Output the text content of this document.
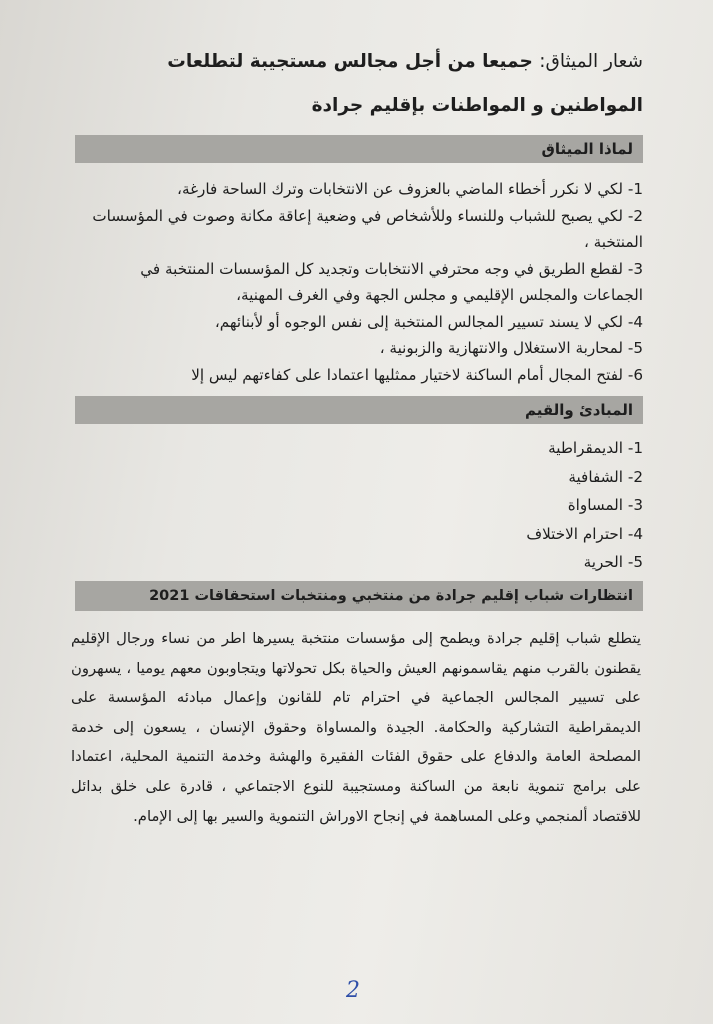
شعار الميثاق: جميعا من أجل مجالس مستجيبة لتطلعات المواطنين و المواطنات بإقليم جرادة
لماذا الميثاق
1- لكي لا نكرر أخطاء الماضي بالعزوف عن الانتخابات وترك الساحة فارغة،
2- لكي يصبح للشباب وللنساء وللأشخاص في وضعية إعاقة مكانة وصوت في المؤسسات المنتخبة ،
3- لقطع الطريق في وجه محترفي الانتخابات وتجديد كل المؤسسات المنتخبة في الجماعات والمجلس الإقليمي و مجلس الجهة وفي الغرف المهنية،
4- لكي لا يسند تسيير المجالس المنتخبة إلى نفس الوجوه أو لأبنائهم،
5- لمحاربة الاستغلال والانتهازية والزبونية ،
6- لفتح المجال أمام الساكنة لاختيار ممثليها اعتمادا على كفاءتهم ليس إلا
المبادئ والقيم
1- الديمقراطية
2- الشفافية
3- المساواة
4- احترام الاختلاف
5- الحرية
انتظارات شباب إقليم جرادة من منتخبي ومنتخبات استحقاقات 2021

يتطلع شباب إقليم جرادة ويطمح إلى مؤسسات منتخبة يسيرها اطر من نساء ورجال الإقليم يقطنون بالقرب منهم يقاسمونهم العيش والحياة بكل تحولاتها ويتجاوبون معهم يوميا ، يسهرون على تسيير المجالس الجماعية في احترام تام للقانون وإعمال مبادئه المؤسسة على الديمقراطية التشاركية والحكامة. الجيدة والمساواة وحقوق الإنسان ، يسعون إلى خدمة المصلحة العامة والدفاع على حقوق الفئات الفقيرة والهشة وخدمة التنمية المحلية، اعتمادا على برامج تنموية نابعة من الساكنة ومستجيبة للنوع الاجتماعي ، قادرة على خلق بدائل للاقتصاد ألمنجمي وعلى المساهمة في إنجاح الاوراش التنموية والسير بها إلى الإمام.

2
